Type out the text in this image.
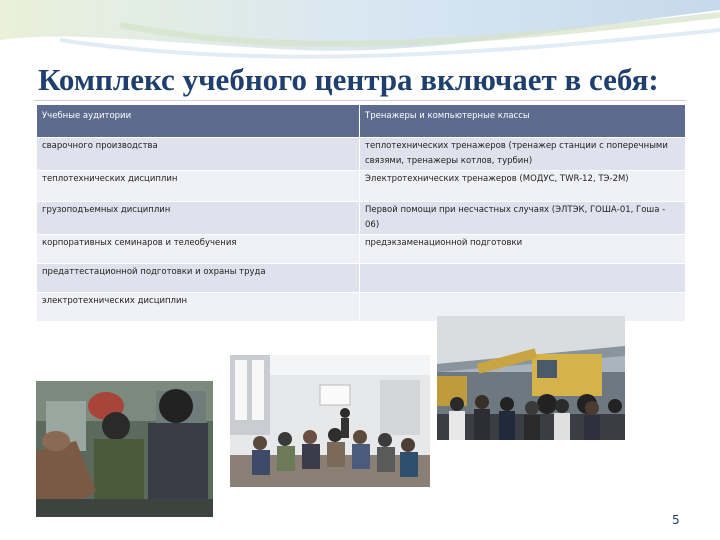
Комплекс учебного центра включает в себя:
Учебные аудитории	Тренажеры и компьютерные классы
сварочного производства	теплотехнических тренажеров (тренажер станции с поперечными связями, тренажеры котлов, турбин)
теплотехнических дисциплин	Электротехнических тренажеров (МОДУС, TWR-12, ТЭ-2М)
грузоподъемных дисциплин	Первой помощи при несчастных случаях (ЭЛТЭК, ГОША-01, Гоша - 06)
корпоративных семинаров и телеобучения	предэкзаменационной подготовки
предаттестационной подготовки и охраны труда	
электротехнических дисциплин	
5
